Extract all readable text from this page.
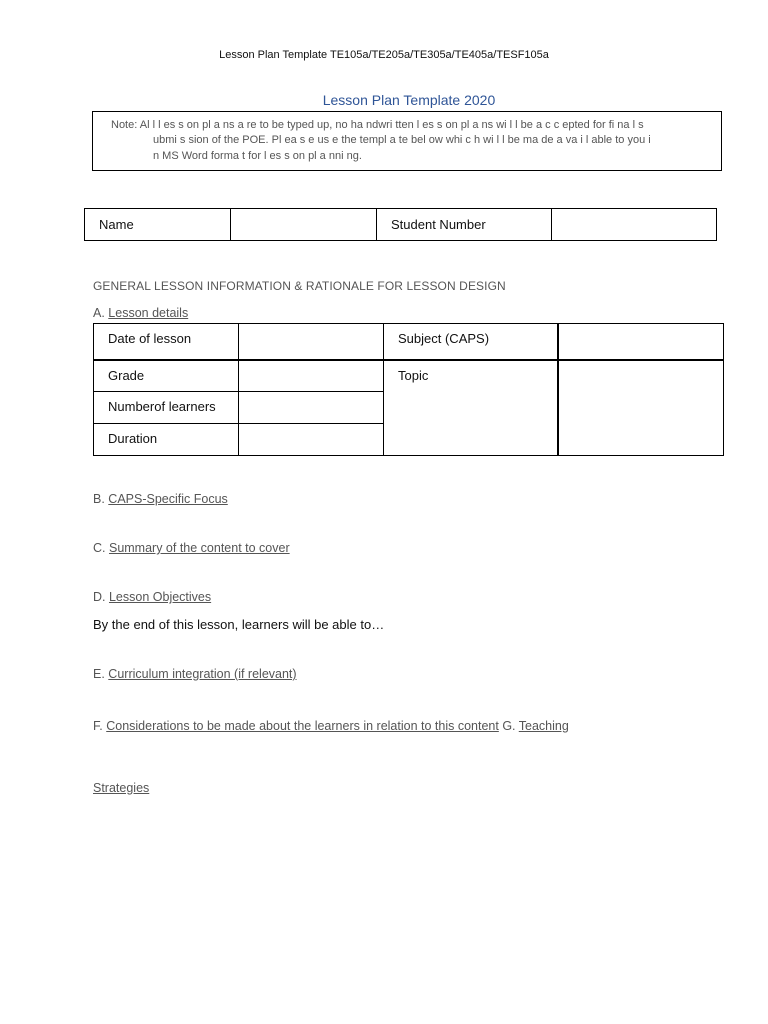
Lesson Plan Template TE105a/TE205a/TE305a/TE405a/TESF105a
Lesson Plan Template 2020
Note: Al l l es s on pl a ns a re to be typed up, no ha ndwri tten l es s on pl a ns wi l l be a c c epted for fi na l s
ubmi s sion of the POE. Pl ea s e us e the templ a te bel ow whi c h wi l l be ma de a va i l able to you i
n MS Word forma t for l es s on pl a nni ng.
Name		Student Number	
GENERAL LESSON INFORMATION & RATIONALE FOR LESSON DESIGN
A. Lesson details
Date of lesson		Subject (CAPS)	
Grade		Topic	
Numberof learners			
Duration			
B. CAPS-Specific Focus
C. Summary of the content to cover
D. Lesson Objectives
By the end of this lesson, learners will be able to…
E. Curriculum integration (if relevant)
F. Considerations to be made about the learners in relation to this content G. Teaching
Strategies
